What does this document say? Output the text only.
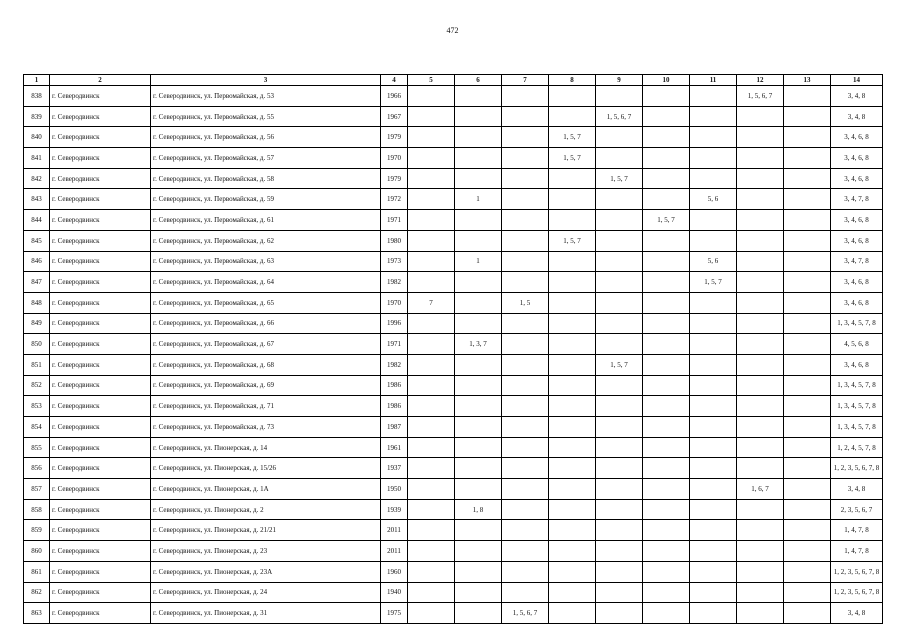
472
1	2	3	4	5	6	7	8	9	10	11	12	13	14
838	г. Северодвинск	г. Северодвинск, ул. Первомайская, д. 53	1966								1, 5, 6, 7		3, 4, 8
839	г. Северодвинск	г. Северодвинск, ул. Первомайская, д. 55	1967					1, 5, 6, 7					3, 4, 8
840	г. Северодвинск	г. Северодвинск, ул. Первомайская, д. 56	1979				1, 5, 7						3, 4, 6, 8
841	г. Северодвинск	г. Северодвинск, ул. Первомайская, д. 57	1970				1, 5, 7						3, 4, 6, 8
842	г. Северодвинск	г. Северодвинск, ул. Первомайская, д. 58	1979					1, 5, 7					3, 4, 6, 8
843	г. Северодвинск	г. Северодвинск, ул. Первомайская, д. 59	1972		1					5, 6			3, 4, 7, 8
844	г. Северодвинск	г. Северодвинск, ул. Первомайская, д. 61	1971						1, 5, 7				3, 4, 6, 8
845	г. Северодвинск	г. Северодвинск, ул. Первомайская, д. 62	1980				1, 5, 7						3, 4, 6, 8
846	г. Северодвинск	г. Северодвинск, ул. Первомайская, д. 63	1973		1					5, 6			3, 4, 7, 8
847	г. Северодвинск	г. Северодвинск, ул. Первомайская, д. 64	1982							1, 5, 7			3, 4, 6, 8
848	г. Северодвинск	г. Северодвинск, ул. Первомайская, д. 65	1970	7		1, 5							3, 4, 6, 8
849	г. Северодвинск	г. Северодвинск, ул. Первомайская, д. 66	1996										1, 3, 4, 5, 7, 8
850	г. Северодвинск	г. Северодвинск, ул. Первомайская, д. 67	1971		1, 3, 7								4, 5, 6, 8
851	г. Северодвинск	г. Северодвинск, ул. Первомайская, д. 68	1982					1, 5, 7					3, 4, 6, 8
852	г. Северодвинск	г. Северодвинск, ул. Первомайская, д. 69	1986										1, 3, 4, 5, 7, 8
853	г. Северодвинск	г. Северодвинск, ул. Первомайская, д. 71	1986										1, 3, 4, 5, 7, 8
854	г. Северодвинск	г. Северодвинск, ул. Первомайская, д. 73	1987										1, 3, 4, 5, 7, 8
855	г. Северодвинск	г. Северодвинск, ул. Пионерская, д. 14	1961										1, 2, 4, 5, 7, 8
856	г. Северодвинск	г. Северодвинск, ул. Пионерская, д. 15/26	1937										1, 2, 3, 5, 6, 7, 8
857	г. Северодвинск	г. Северодвинск, ул. Пионерская, д. 1А	1950								1, 6, 7		3, 4, 8
858	г. Северодвинск	г. Северодвинск, ул. Пионерская, д. 2	1939		1, 8								2, 3, 5, 6, 7
859	г. Северодвинск	г. Северодвинск, ул. Пионерская, д. 21/21	2011										1, 4, 7, 8
860	г. Северодвинск	г. Северодвинск, ул. Пионерская, д. 23	2011										1, 4, 7, 8
861	г. Северодвинск	г. Северодвинск, ул. Пионерская, д. 23А	1960										1, 2, 3, 5, 6, 7, 8
862	г. Северодвинск	г. Северодвинск, ул. Пионерская, д. 24	1940										1, 2, 3, 5, 6, 7, 8
863	г. Северодвинск	г. Северодвинск, ул. Пионерская, д. 31	1975			1, 5, 6, 7							3, 4, 8
